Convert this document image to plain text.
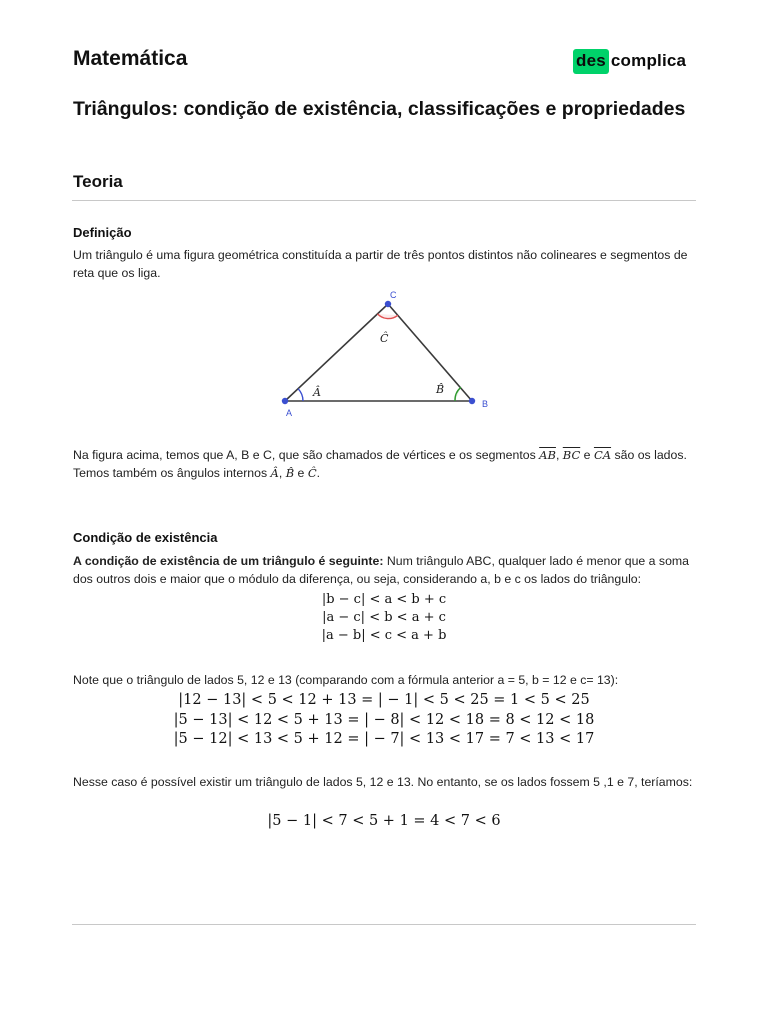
Matemática	des complica
Triângulos: condição de existência, classificações e propriedades
Teoria
Definição
Um triângulo é uma figura geométrica constituída a partir de três pontos distintos não colineares e segmentos de reta que os liga.
A
B
C
Â	B̂
Ĉ
Na figura acima, temos que A, B e C, que são chamados de vértices e os segmentos $\overline{AB}$, $\overline{BC}$ e $\overline{CA}$ são os lados.
Temos também os ângulos internos Â, B̂ e Ĉ.
Condição de existência
A condição de existência de um triângulo é seguinte: Num triângulo ABC, qualquer lado é menor que a soma dos outros dois e maior que o módulo da diferença, ou seja, considerando a, b e c os lados do triângulo:
|b − c| < a < b + c
|a − c| < b < a + c
|a − b| < c < a + b
Note que o triângulo de lados 5, 12 e 13 (comparando com a fórmula anterior a = 5, b = 12 e c= 13):
|12 − 13| < 5 < 12 + 13 = | − 1| < 5 < 25 = 1 < 5 < 25
|5 − 13| < 12 < 5 + 13 = | − 8| < 12 < 18 = 8 < 12 < 18
|5 − 12| < 13 < 5 + 12 = | − 7| < 13 < 17 = 7 < 13 < 17
Nesse caso é possível existir um triângulo de lados 5, 12 e 13. No entanto, se os lados fossem 5 ,1 e 7, teríamos:
|5 − 1| < 7 < 5 + 1 = 4 < 7 < 6
